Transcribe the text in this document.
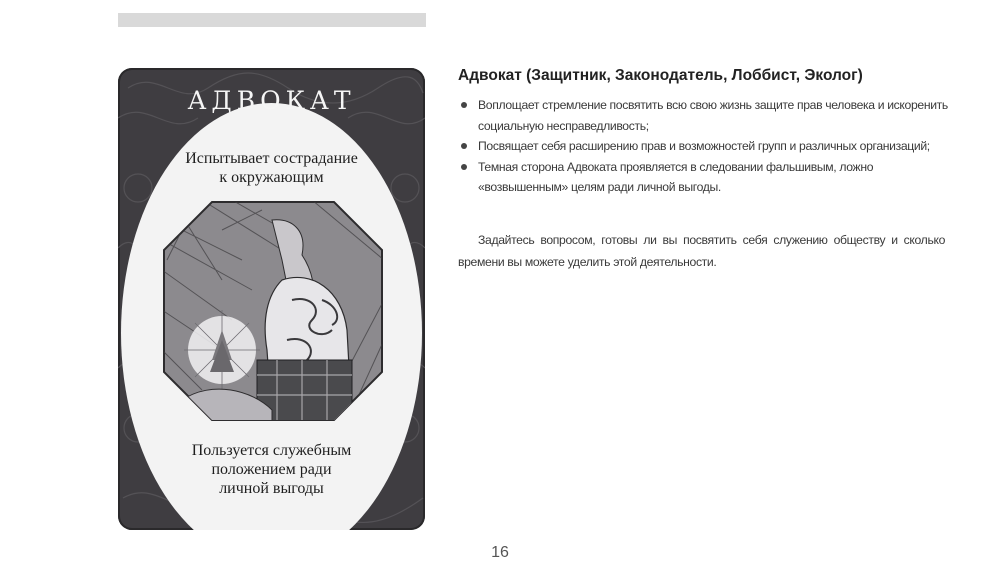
АДВОКАТ
Испытывает сострадание
к окружающим
Пользуется служебным
положением ради
личной выгоды
Адвокат (Защитник, Законодатель, Лоббист, Эколог)
Воплощает стремление посвятить всю свою жизнь защите прав человека и искоренить социальную несправедливость;
Посвящает себя расширению прав и возможностей групп и различных организаций;
Темная сторона Адвоката проявляется в следовании фальшивым, ложно «возвышенным» целям ради личной выгоды.

Задайтесь вопросом, готовы ли вы посвятить себя служению обществу и сколько времени вы можете уделить этой деятельности.

16
